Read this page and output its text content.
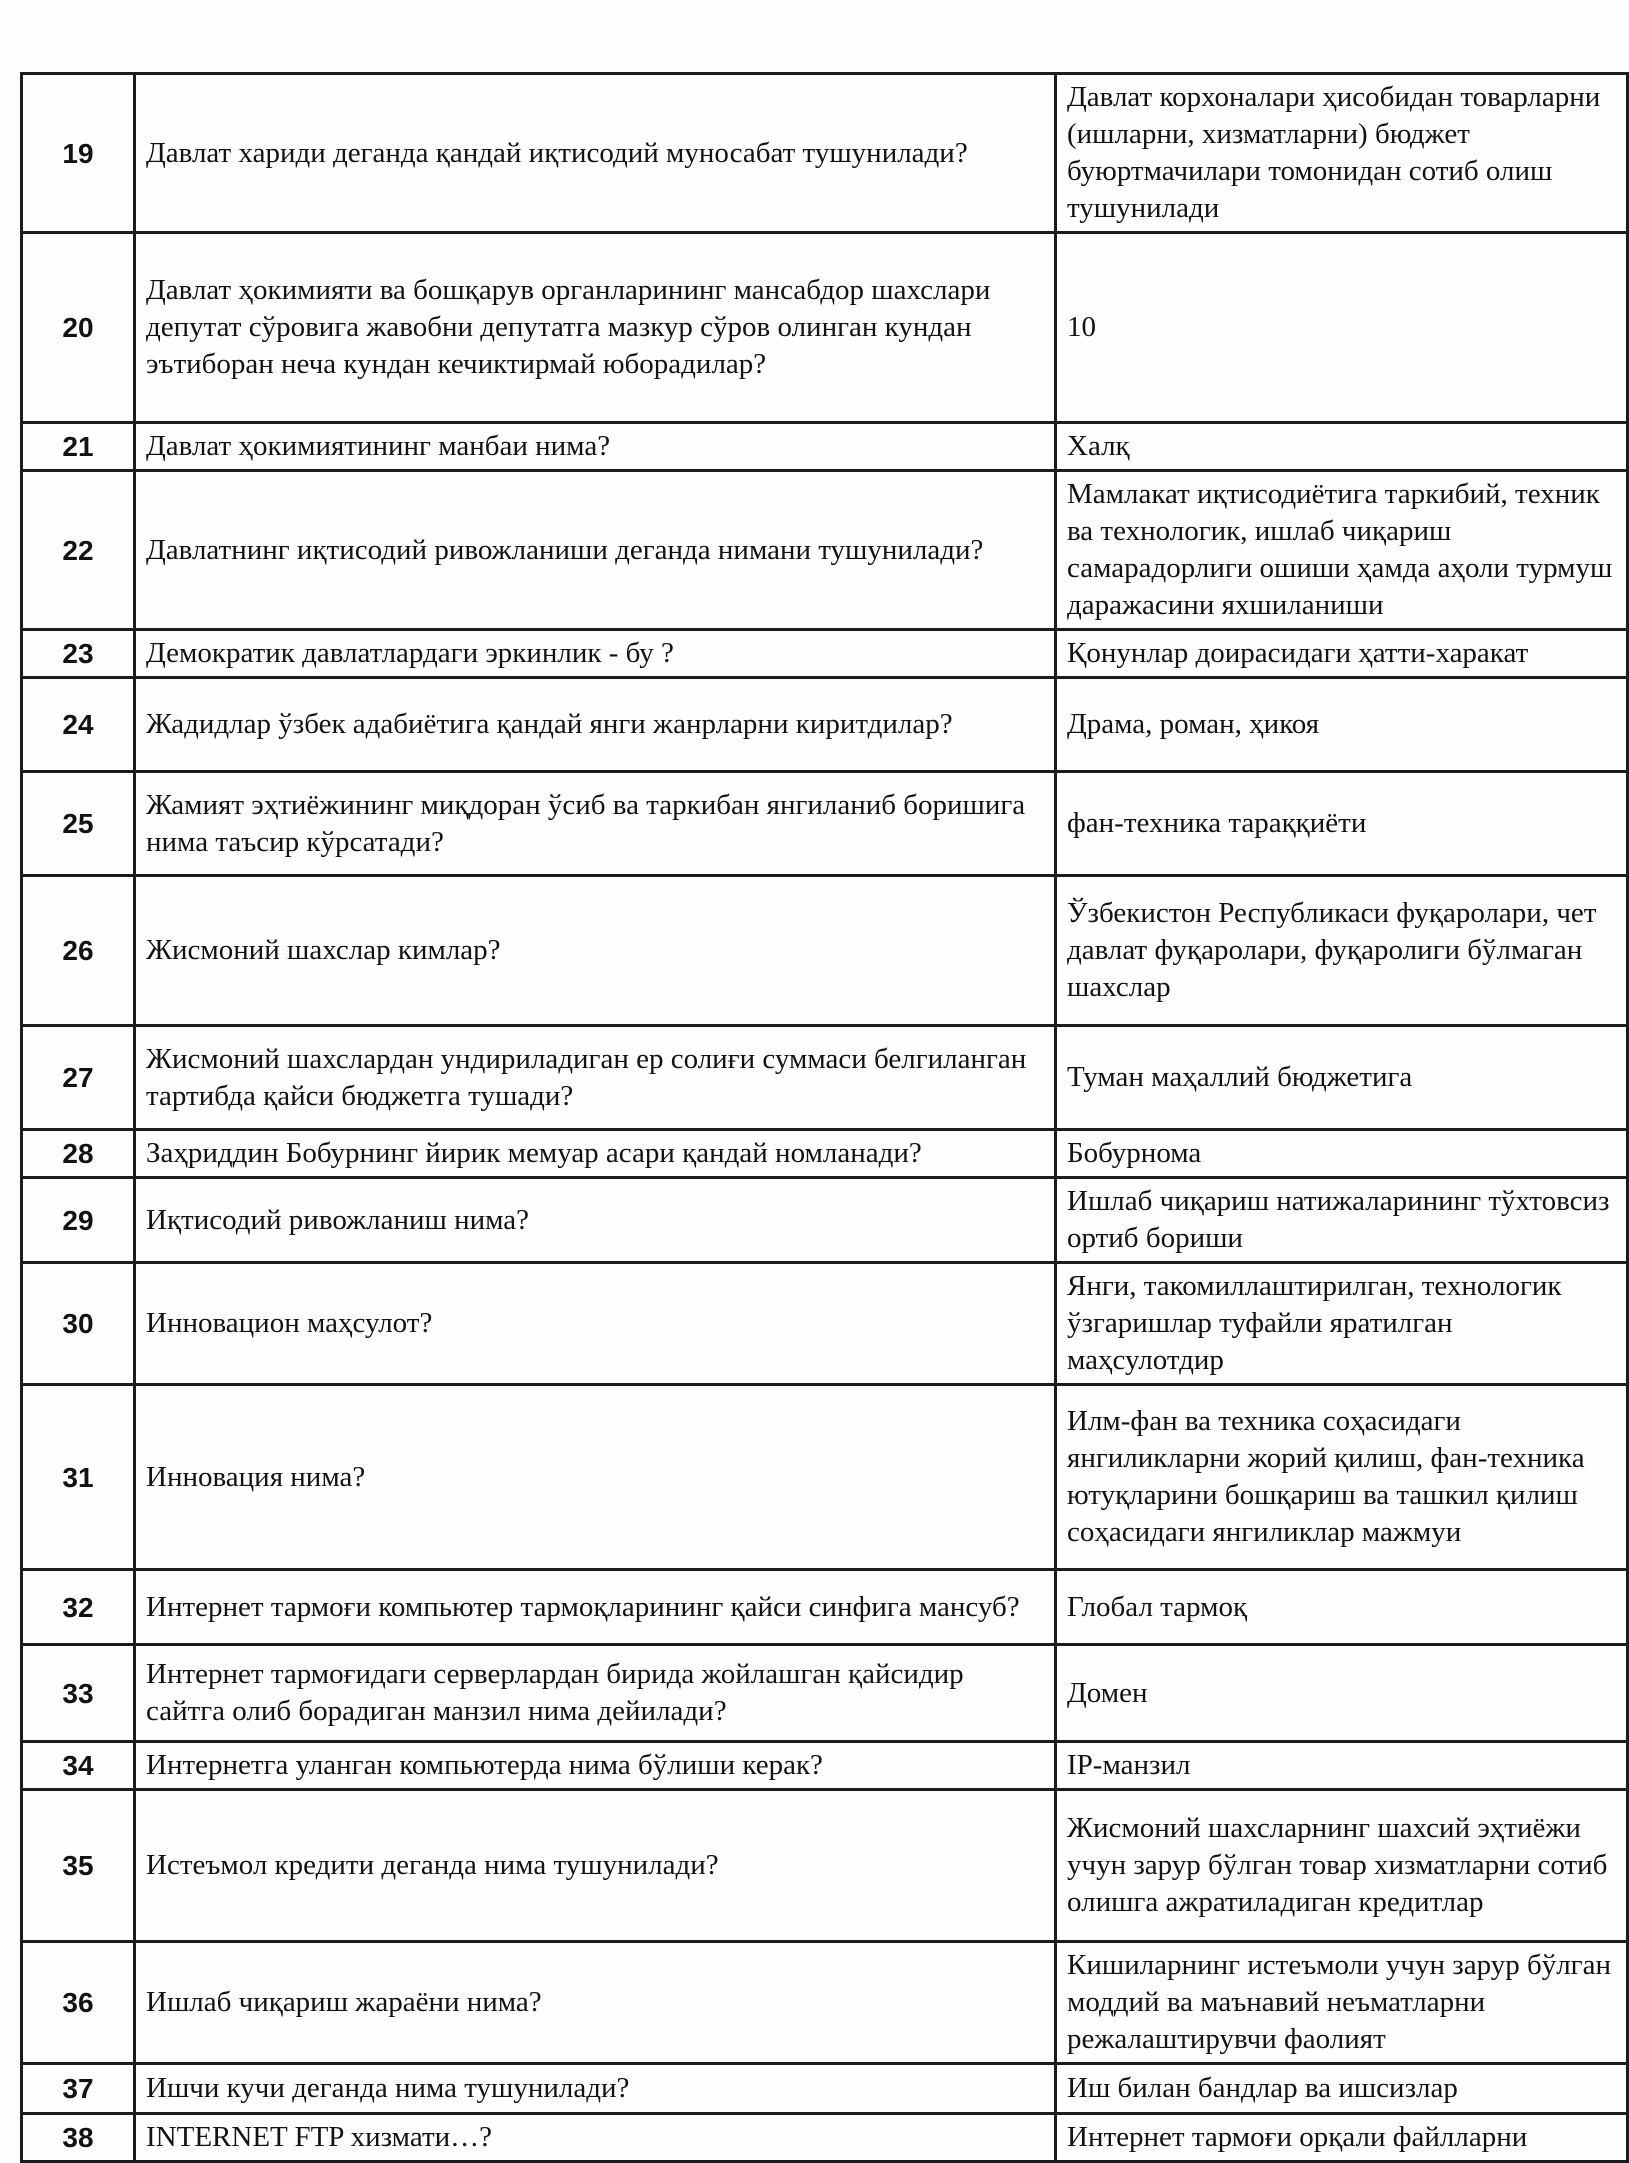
19	Давлат хариди деганда қандай иқтисодий муносабат тушунилади?	Давлат корхоналари ҳисобидан товарларни (ишларни, хизматларни) бюджет буюртмачилари томонидан сотиб олиш тушунилади
20	Давлат ҳокимияти ва бошқарув органларининг мансабдор шахслари депутат сўровига жавобни депутатга мазкур сўров олинган кундан эътиборан неча кундан кечиктирмай юборадилар?	10
21	Давлат ҳокимиятининг манбаи нима?	Халқ
22	Давлатнинг иқтисодий ривожланиши деганда нимани тушунилади?	Мамлакат иқтисодиётига таркибий, техник ва технологик, ишлаб чиқариш самарадорлиги ошиши ҳамда аҳоли турмуш даражасини яхшиланиши
23	Демократик давлатлардаги эркинлик - бу ?	Қонунлар доирасидаги ҳатти-харакат
24	Жадидлар ўзбек адабиётига қандай янги жанрларни киритдилар?	Драма, роман, ҳикоя
25	Жамият эҳтиёжининг миқдоран ўсиб ва таркибан янгиланиб боришига нима таъсир кўрсатади?	фан-техника тараққиёти
26	Жисмоний шахслар кимлар?	Ўзбекистон Республикаси фуқаролари, чет давлат фуқаролари, фуқаролиги бўлмаган шахслар
27	Жисмоний шахслардан ундириладиган ер солиғи суммаси белгиланган тартибда қайси бюджетга тушади?	Туман маҳаллий бюджетига
28	Заҳриддин Бобурнинг йирик мемуар асари қандай номланади?	Бобурнома
29	Иқтисодий ривожланиш нима?	Ишлаб чиқариш натижаларининг тўхтовсиз ортиб бориши
30	Инновацион маҳсулот?	Янги, такомиллаштирилган, технологик ўзгаришлар туфайли яратилган маҳсулотдир
31	Инновация нима?	Илм-фан ва техника соҳасидаги янгиликларни жорий қилиш, фан-техника ютуқларини бошқариш ва ташкил қилиш соҳасидаги янгиликлар мажмуи
32	Интернет тармоғи компьютер тармоқларининг қайси синфига мансуб?	Глобал тармоқ
33	Интернет тармоғидаги серверлардан бирида жойлашган қайсидир сайтга олиб борадиган манзил нима дейилади?	Домен
34	Интернетга уланган компьютерда нима бўлиши керак?	IP-манзил
35	Истеъмол кредити деганда нима тушунилади?	Жисмоний шахсларнинг шахсий эҳтиёжи учун зарур бўлган товар хизматларни сотиб олишга ажратиладиган кредитлар
36	Ишлаб чиқариш жараёни нима?	Кишиларнинг истеъмоли учун зарур бўлган моддий ва маънавий неъматларни режалаштирувчи фаолият
37	Ишчи кучи деганда нима тушунилади?	Иш билан бандлар ва ишсизлар
38	INTERNET FTP хизмати…?	Интернет тармоғи орқали файлларни
